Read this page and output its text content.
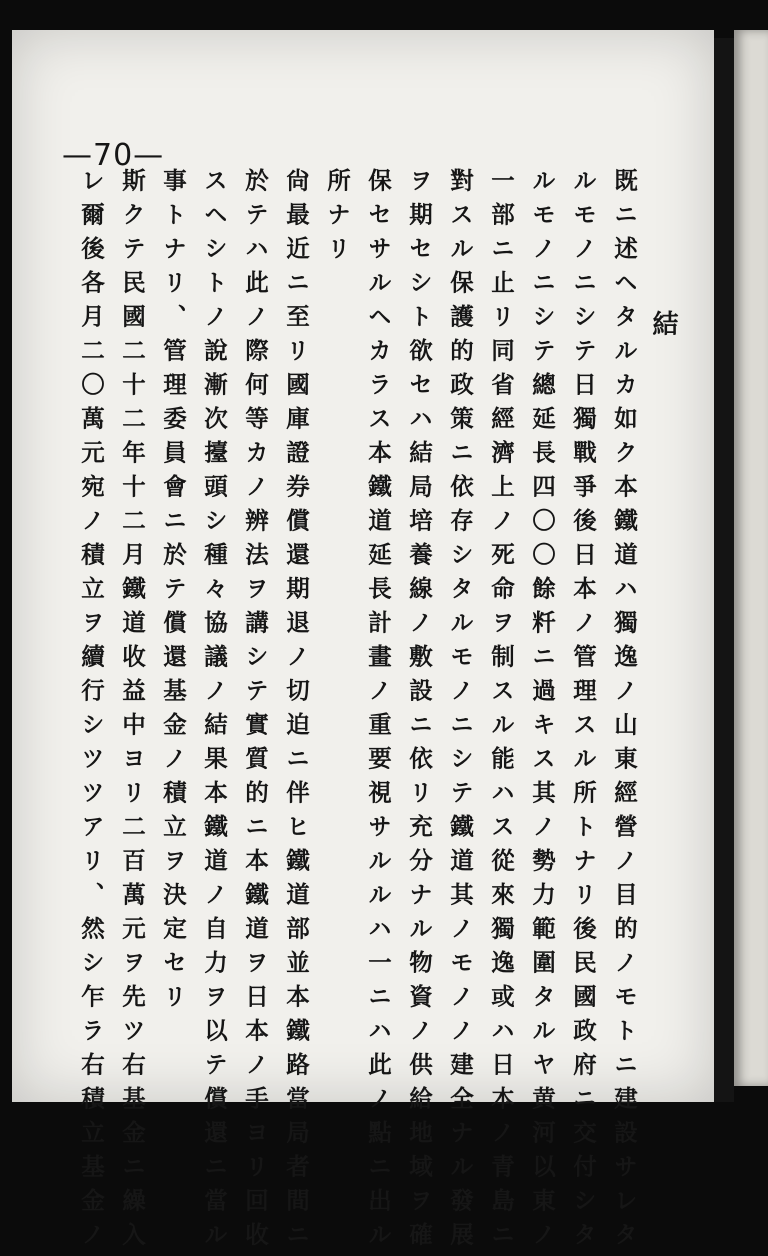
—70—
結
既ニ述ヘタルカ如ク本鐵道ハ獨逸ノ山東經營ノ目的ノモトニ建設サレタ
ルモノニシテ日獨戰爭後日本ノ管理スル所トナリ後民國政府ニ交付シタ
ルモノニシテ總延長四〇〇餘粁ニ過キス其ノ勢力範圍タルヤ黄河以東ノ
一部ニ止リ同省經濟上ノ死命ヲ制スル能ハス從來獨逸或ハ日本ノ青島ニ
對スル保護的政策ニ依存シタルモノニシテ鐵道其ノモノノ建全ナル發展
ヲ期セシト欲セハ結局培養線ノ敷設ニ依リ充分ナル物資ノ供給地域ヲ確
保セサルヘカラス本鐵道延長計畫ノ重要視サルルハ一ニハ此ノ點ニ出ル
所ナリ
尙最近ニ至リ國庫證券償還期退ノ切迫ニ伴ヒ鐵道部並本鐵路當局者間ニ
於テハ此ノ際何等カノ辨法ヲ講シテ實質的ニ本鐵道ヲ日本ノ手ヨリ回收
スヘシトノ說漸次擡頭シ種々協議ノ結果本鐵道ノ自力ヲ以テ償還ニ當ル
事トナリ、管理委員會ニ於テ償還基金ノ積立ヲ決定セリ
斯クテ民國二十二年十二月鐵道收益中ヨリ二百萬元ヲ先ツ右基金ニ繰入
レ爾後各月二〇萬元宛ノ積立ヲ續行シツツアリ、然シ乍ラ右積立基金ノ
